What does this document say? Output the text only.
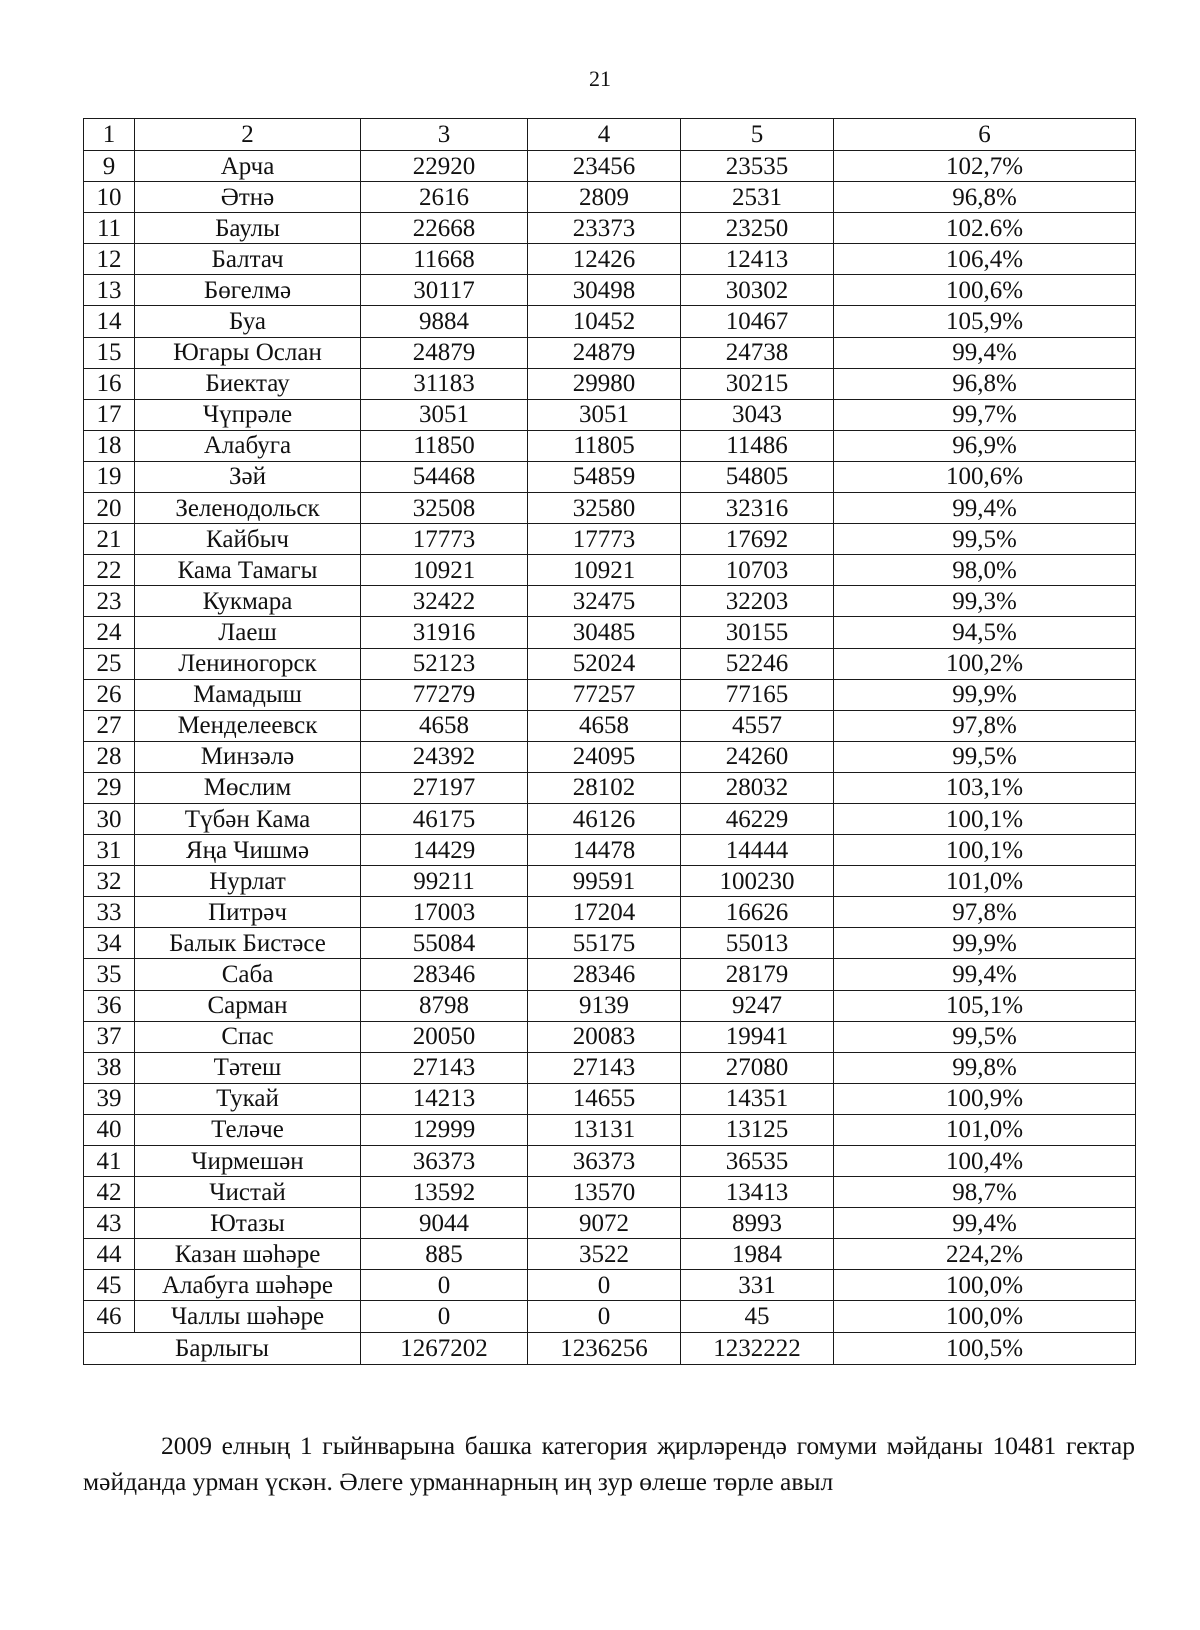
21
1	2	3	4	5	6
9	Арча	22920	23456	23535	102,7%
10	Әтнә	2616	2809	2531	96,8%
11	Баулы	22668	23373	23250	102.6%
12	Балтач	11668	12426	12413	106,4%
13	Бөгелмә	30117	30498	30302	100,6%
14	Буа	9884	10452	10467	105,9%
15	Югары Ослан	24879	24879	24738	99,4%
16	Биектау	31183	29980	30215	96,8%
17	Чүпрәле	3051	3051	3043	99,7%
18	Алабуга	11850	11805	11486	96,9%
19	Зәй	54468	54859	54805	100,6%
20	Зеленодольск	32508	32580	32316	99,4%
21	Кайбыч	17773	17773	17692	99,5%
22	Кама Тамагы	10921	10921	10703	98,0%
23	Кукмара	32422	32475	32203	99,3%
24	Лаеш	31916	30485	30155	94,5%
25	Лениногорск	52123	52024	52246	100,2%
26	Мамадыш	77279	77257	77165	99,9%
27	Менделеевск	4658	4658	4557	97,8%
28	Минзәлә	24392	24095	24260	99,5%
29	Мөслим	27197	28102	28032	103,1%
30	Түбән Кама	46175	46126	46229	100,1%
31	Яңа Чишмә	14429	14478	14444	100,1%
32	Нурлат	99211	99591	100230	101,0%
33	Питрәч	17003	17204	16626	97,8%
34	Балык Бистәсе	55084	55175	55013	99,9%
35	Саба	28346	28346	28179	99,4%
36	Сарман	8798	9139	9247	105,1%
37	Спас	20050	20083	19941	99,5%
38	Тәтеш	27143	27143	27080	99,8%
39	Тукай	14213	14655	14351	100,9%
40	Теләче	12999	13131	13125	101,0%
41	Чирмешән	36373	36373	36535	100,4%
42	Чистай	13592	13570	13413	98,7%
43	Ютазы	9044	9072	8993	99,4%
44	Казан шәһәре	885	3522	1984	224,2%
45	Алабуга шәһәре	0	0	331	100,0%
46	Чаллы шәһәре	0	0	45	100,0%
Барлыгы		1267202	1236256	1232222	100,5%
2009 елның 1 гыйнварына башка категория җирләрендә гомуми мәйданы 10481 гектар мәйданда урман үскән. Әлеге урманнарның иң зур өлеше төрле авыл
